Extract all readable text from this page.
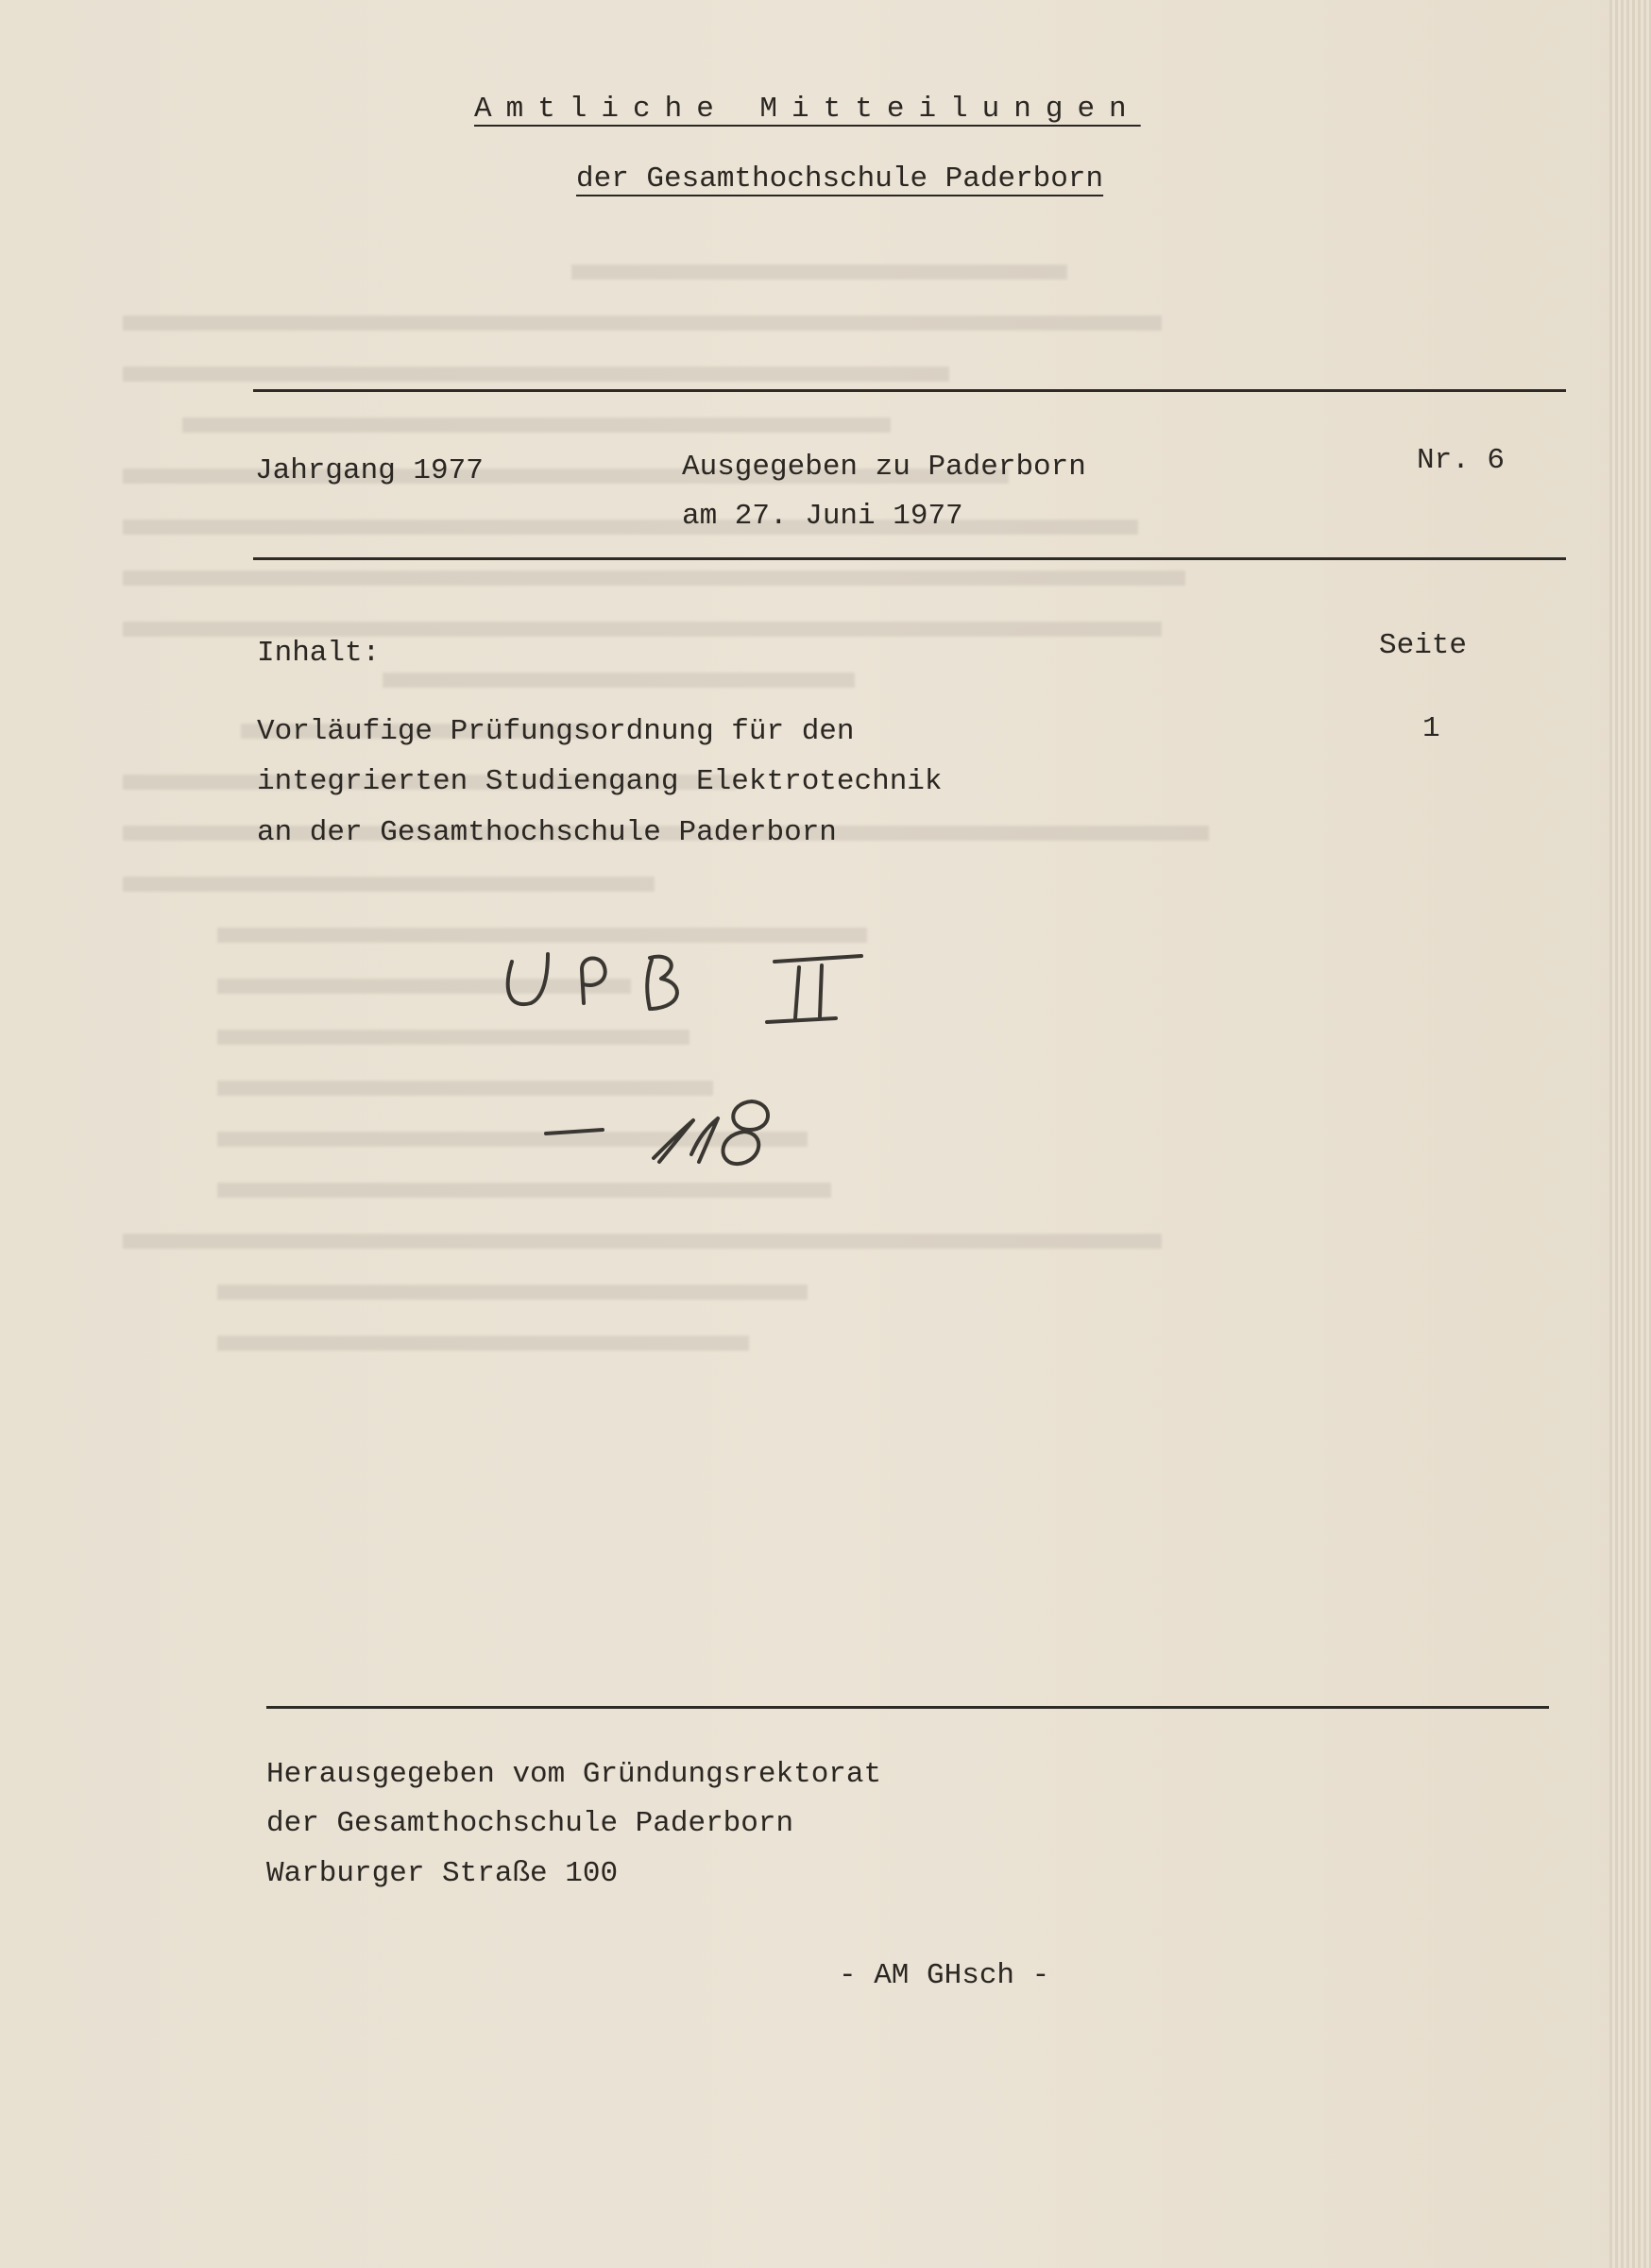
Amtliche Mitteilungen
der Gesamthochschule Paderborn
Jahrgang 1977	Ausgegeben zu Paderborn
am 27. Juni 1977
Nr. 6
Inhalt:	Seite
Vorläufige Prüfungsordnung für den
integrierten Studiengang Elektrotechnik
an der Gesamthochschule Paderborn
1
Herausgegeben vom Gründungsrektorat
der Gesamthochschule Paderborn
Warburger Straße 100
- AM GHsch -
